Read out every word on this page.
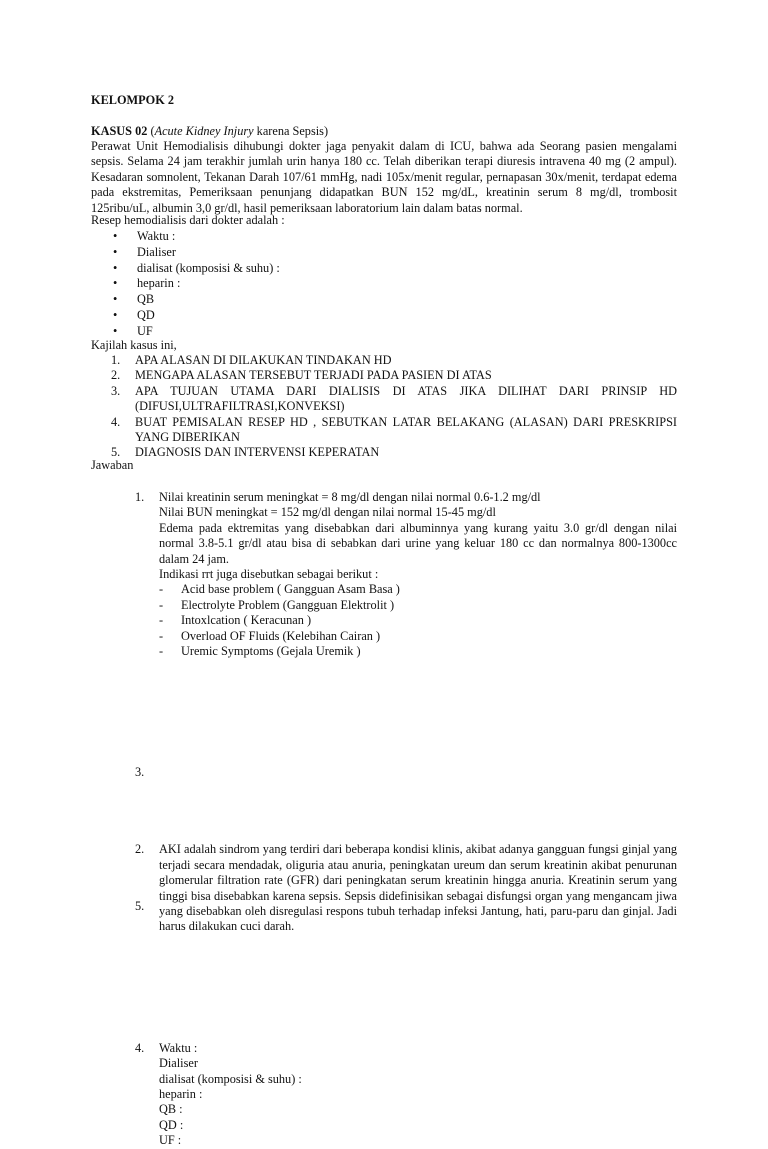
KELOMPOK 2
KASUS 02 (Acute Kidney Injury karena Sepsis)
Perawat Unit Hemodialisis dihubungi dokter jaga penyakit dalam di ICU, bahwa ada Seorang pasien mengalami sepsis. Selama 24 jam terakhir jumlah urin hanya 180 cc. Telah diberikan terapi diuresis intravena 40 mg (2 ampul). Kesadaran somnolent, Tekanan Darah 107/61 mmHg, nadi 105x/menit regular, pernapasan 30x/menit, terdapat edema pada ekstremitas, Pemeriksaan penunjang didapatkan BUN 152 mg/dL, kreatinin serum 8 mg/dl, trombosit 125ribu/uL, albumin 3,0 gr/dl, hasil pemeriksaan laboratorium lain dalam batas normal.
Resep hemodialisis dari dokter adalah :
• Waktu :
• Dialiser
• dialisat (komposisi & suhu) :
• heparin :
• QB
• QD
• UF
Kajilah kasus ini,
1. APA ALASAN DI DILAKUKAN TINDAKAN HD
2. MENGAPA ALASAN TERSEBUT TERJADI PADA PASIEN DI ATAS
3. APA TUJUAN UTAMA DARI DIALISIS DI ATAS JIKA DILIHAT DARI PRINSIP HD (DIFUSI,ULTRAFILTRASI,KONVEKSI)
4. BUAT PEMISALAN RESEP HD , SEBUTKAN LATAR BELAKANG (ALASAN) DARI PRESKRIPSI YANG DIBERIKAN
5. DIAGNOSIS DAN INTERVENSI KEPERATAN
Jawaban
1. Nilai kreatinin serum meningkat = 8 mg/dl dengan nilai normal 0.6-1.2 mg/dl
Nilai BUN meningkat = 152 mg/dl dengan nilai normal 15-45 mg/dl
Edema pada ektremitas yang disebabkan dari albuminnya yang kurang yaitu 3.0 gr/dl dengan nilai normal 3.8-5.1 gr/dl atau bisa di sebabkan dari urine yang keluar 180 cc dan normalnya 800-1300cc dalam 24 jam.
Indikasi rrt juga disebutkan sebagai berikut :
- Acid base problem ( Gangguan Asam Basa )
- Electrolyte Problem (Gangguan Elektrolit )
- Intoxlcation ( Keracunan )
- Overload OF Fluids (Kelebihan Cairan )
- Uremic Symptoms (Gejala Uremik )
2. AKI adalah sindrom yang terdiri dari beberapa kondisi klinis, akibat adanya gangguan fungsi ginjal yang terjadi secara mendadak, oliguria atau anuria, peningkatan ureum dan serum kreatinin akibat penurunan glomerular filtration rate (GFR) dari peningkatan serum kreatinin hingga anuria. Kreatinin serum yang tinggi bisa disebabkan karena sepsis. Sepsis didefinisikan sebagai disfungsi organ yang mengancam jiwa yang disebabkan oleh disregulasi respons tubuh terhadap infeksi Jantung, hati, paru-paru dan ginjal. Jadi harus dilakukan cuci darah.
3.
4. Waktu :
Dialiser
dialisat (komposisi & suhu) :
heparin :
QB :
QD :
UF :
5.
